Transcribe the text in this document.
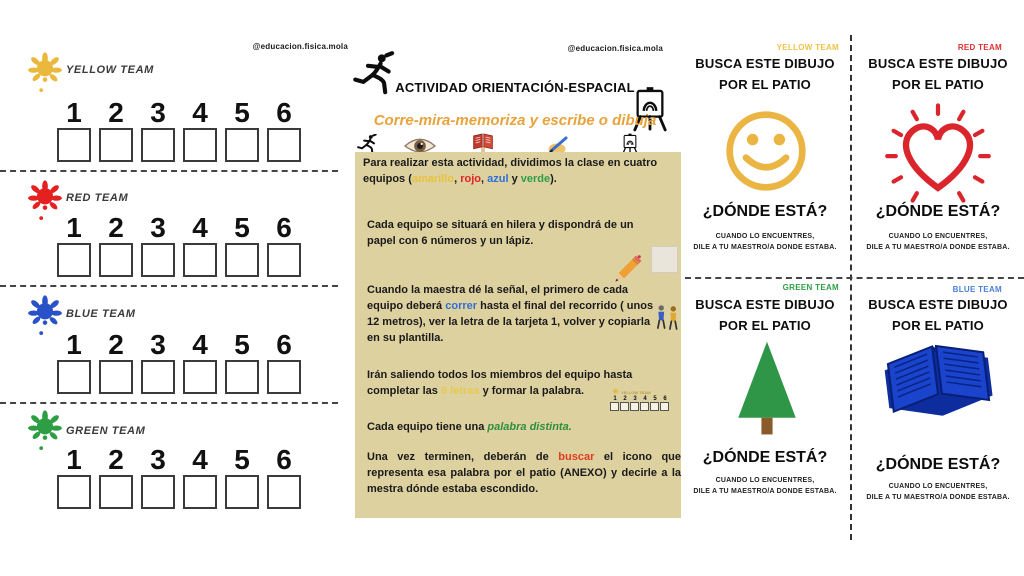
@educacion.fisica.mola
YELLOW TEAM
1 2 3 4 5 6
RED TEAM
1 2 3 4 5 6
BLUE TEAM
1 2 3 4 5 6
GREEN TEAM
1 2 3 4 5 6
@educacion.fisica.mola
ACTIVIDAD ORIENTACIÓN-ESPACIAL
Corre-mira-memoriza y escribe o dibuja
Para realizar esta actividad, dividimos la clase en cuatro equipos (amarillo, rojo, azul y verde).
Cada equipo se situará en hilera y dispondrá de un papel con 6 números y un lápiz.
Cuando la maestra dé la señal, el primero de cada equipo deberá correr hasta el final del recorrido ( unos 12 metros), ver la letra de la tarjeta 1, volver y copiarla en su plantilla.
Irán saliendo todos los miembros del equipo hasta completar las 6 letras y formar la palabra.	YELLOW TEAM
1	2	3	4	5	6
Cada equipo tiene una palabra distinta.
Una vez terminen, deberán de buscar el icono que representa esa palabra por el patio (ANEXO) y decirle a la mestra dónde estaba escondido.
YELLOW TEAM
BUSCA ESTE DIBUJO
POR EL PATIO
¿DÓNDE ESTÁ?
CUANDO LO ENCUENTRES,
DILE A TU MAESTRO/A DONDE ESTABA.
RED TEAM
BUSCA ESTE DIBUJO
POR EL PATIO
¿DÓNDE ESTÁ?
CUANDO LO ENCUENTRES,
DILE A TU MAESTRO/A DONDE ESTABA.
GREEN TEAM
BUSCA ESTE DIBUJO
POR EL PATIO
¿DÓNDE ESTÁ?
CUANDO LO ENCUENTRES,
DILE A TU MAESTRO/A DONDE ESTABA.
BLUE TEAM
BUSCA ESTE DIBUJO
POR EL PATIO
¿DÓNDE ESTÁ?
CUANDO LO ENCUENTRES,
DILE A TU MAESTRO/A DONDE ESTABA.
